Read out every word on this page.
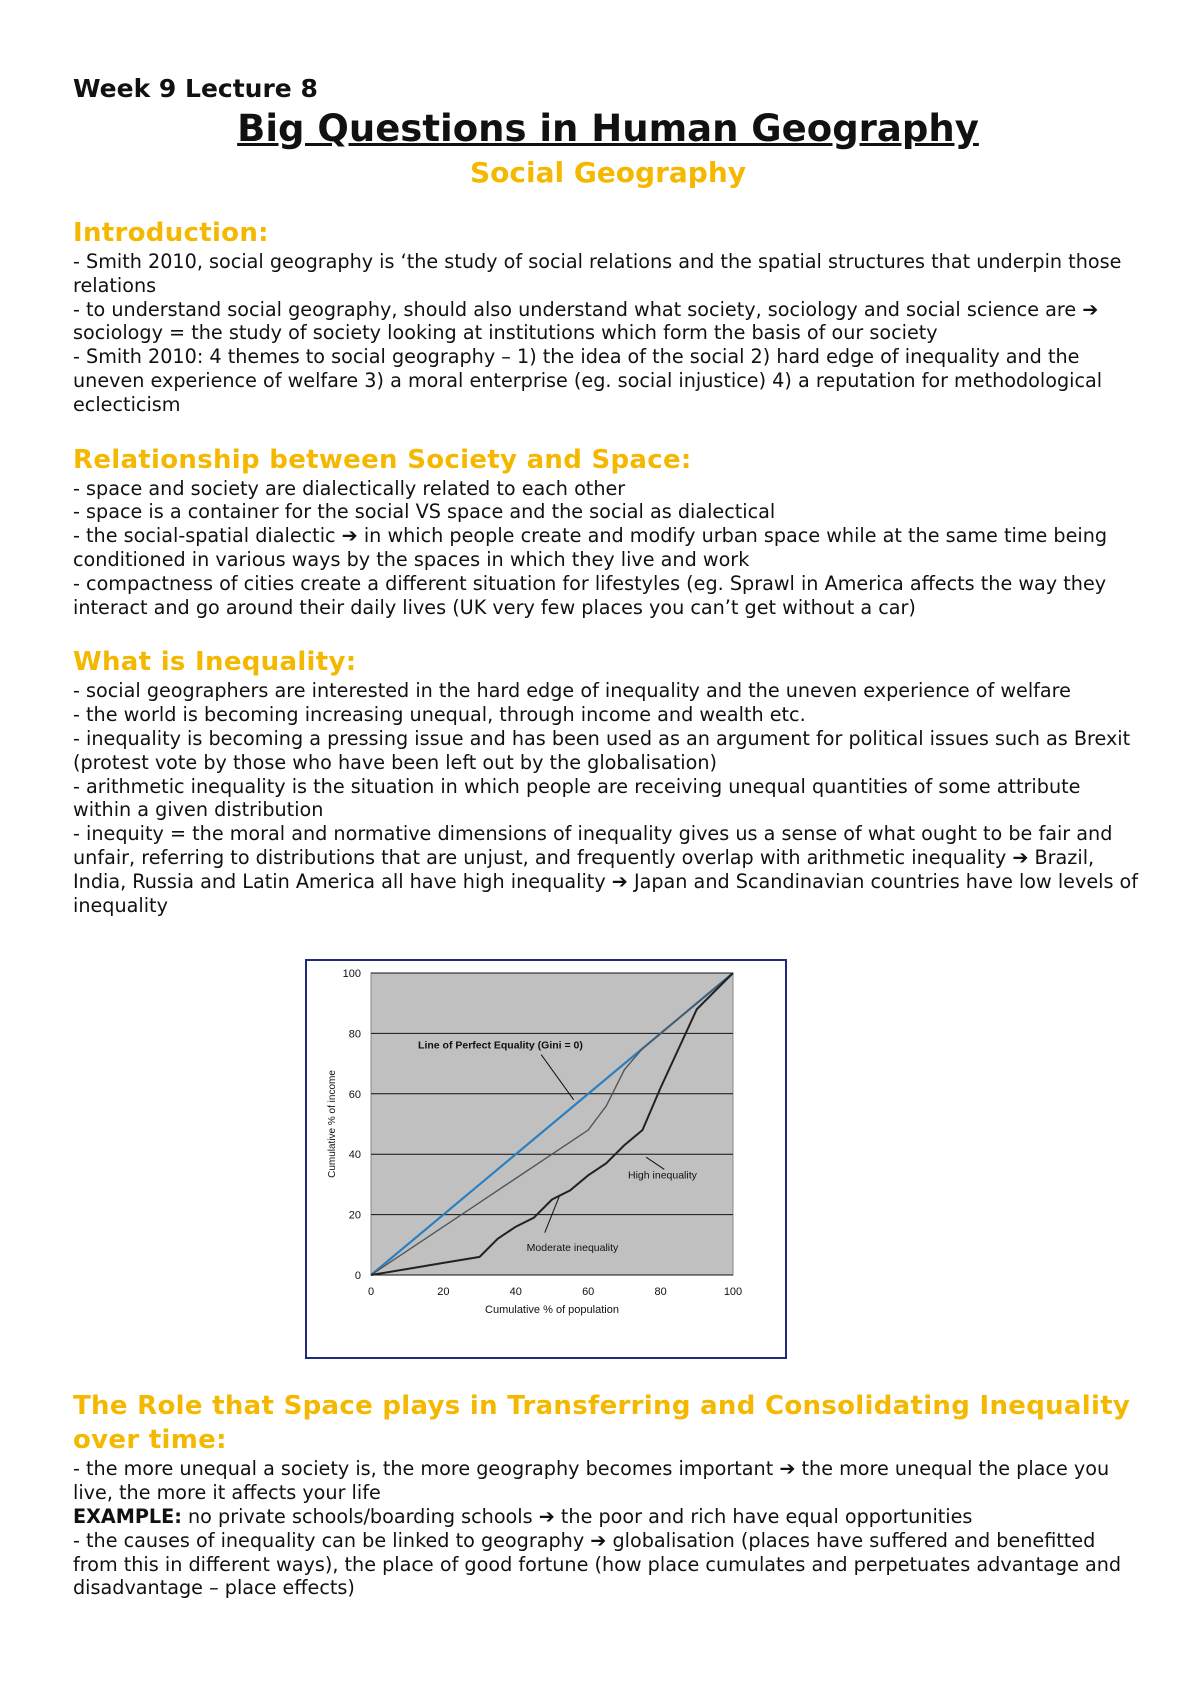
Week 9 Lecture 8

Big Questions in Human Geography

Social Geography

Introduction:

- Smith 2010, social geography is ‘the study of social relations and the spatial structures that underpin those relations

- to understand social geography, should also understand what society, sociology and social science are ➔ sociology = the study of society looking at institutions which form the basis of our society

- Smith 2010: 4 themes to social geography – 1) the idea of the social 2) hard edge of inequality and the uneven experience of welfare 3) a moral enterprise (eg. social injustice) 4) a reputation for methodological eclecticism

Relationship between Society and Space:

- space and society are dialectically related to each other

- space is a container for the social VS space and the social as dialectical

- the social-spatial dialectic ➔ in which people create and modify urban space while at the same time being conditioned in various ways by the spaces in which they live and work

- compactness of cities create a different situation for lifestyles (eg. Sprawl in America affects the way they interact and go around their daily lives (UK very few places you can’t get without a car)

What is Inequality:

- social geographers are interested in the hard edge of inequality and the uneven experience of welfare

- the world is becoming increasing unequal, through income and wealth etc.

- inequality is becoming a pressing issue and has been used as an argument for political issues such as Brexit (protest vote by those who have been left out by the globalisation)

- arithmetic inequality is the situation in which people are receiving unequal quantities of some attribute within a given distribution

- inequity = the moral and normative dimensions of inequality gives us a sense of what ought to be fair and unfair, referring to distributions that are unjust, and frequently overlap with arithmetic inequality ➔ Brazil, India, Russia and Latin America all have high inequality ➔ Japan and Scandinavian countries have low levels of inequality

0
20
40
60
80
100
0	20	40	60	80	100
Cumulative % of population
Cumulative % of income
Line of Perfect Equality (Gini = 0)
High inequality
Moderate inequality

The Role that Space plays in Transferring and Consolidating Inequality over time:

- the more unequal a society is, the more geography becomes important ➔ the more unequal the place you live, the more it affects your life

EXAMPLE: no private schools/boarding schools ➔ the poor and rich have equal opportunities

- the causes of inequality can be linked to geography ➔ globalisation (places have suffered and benefitted from this in different ways), the place of good fortune (how place cumulates and perpetuates advantage and disadvantage – place effects)
